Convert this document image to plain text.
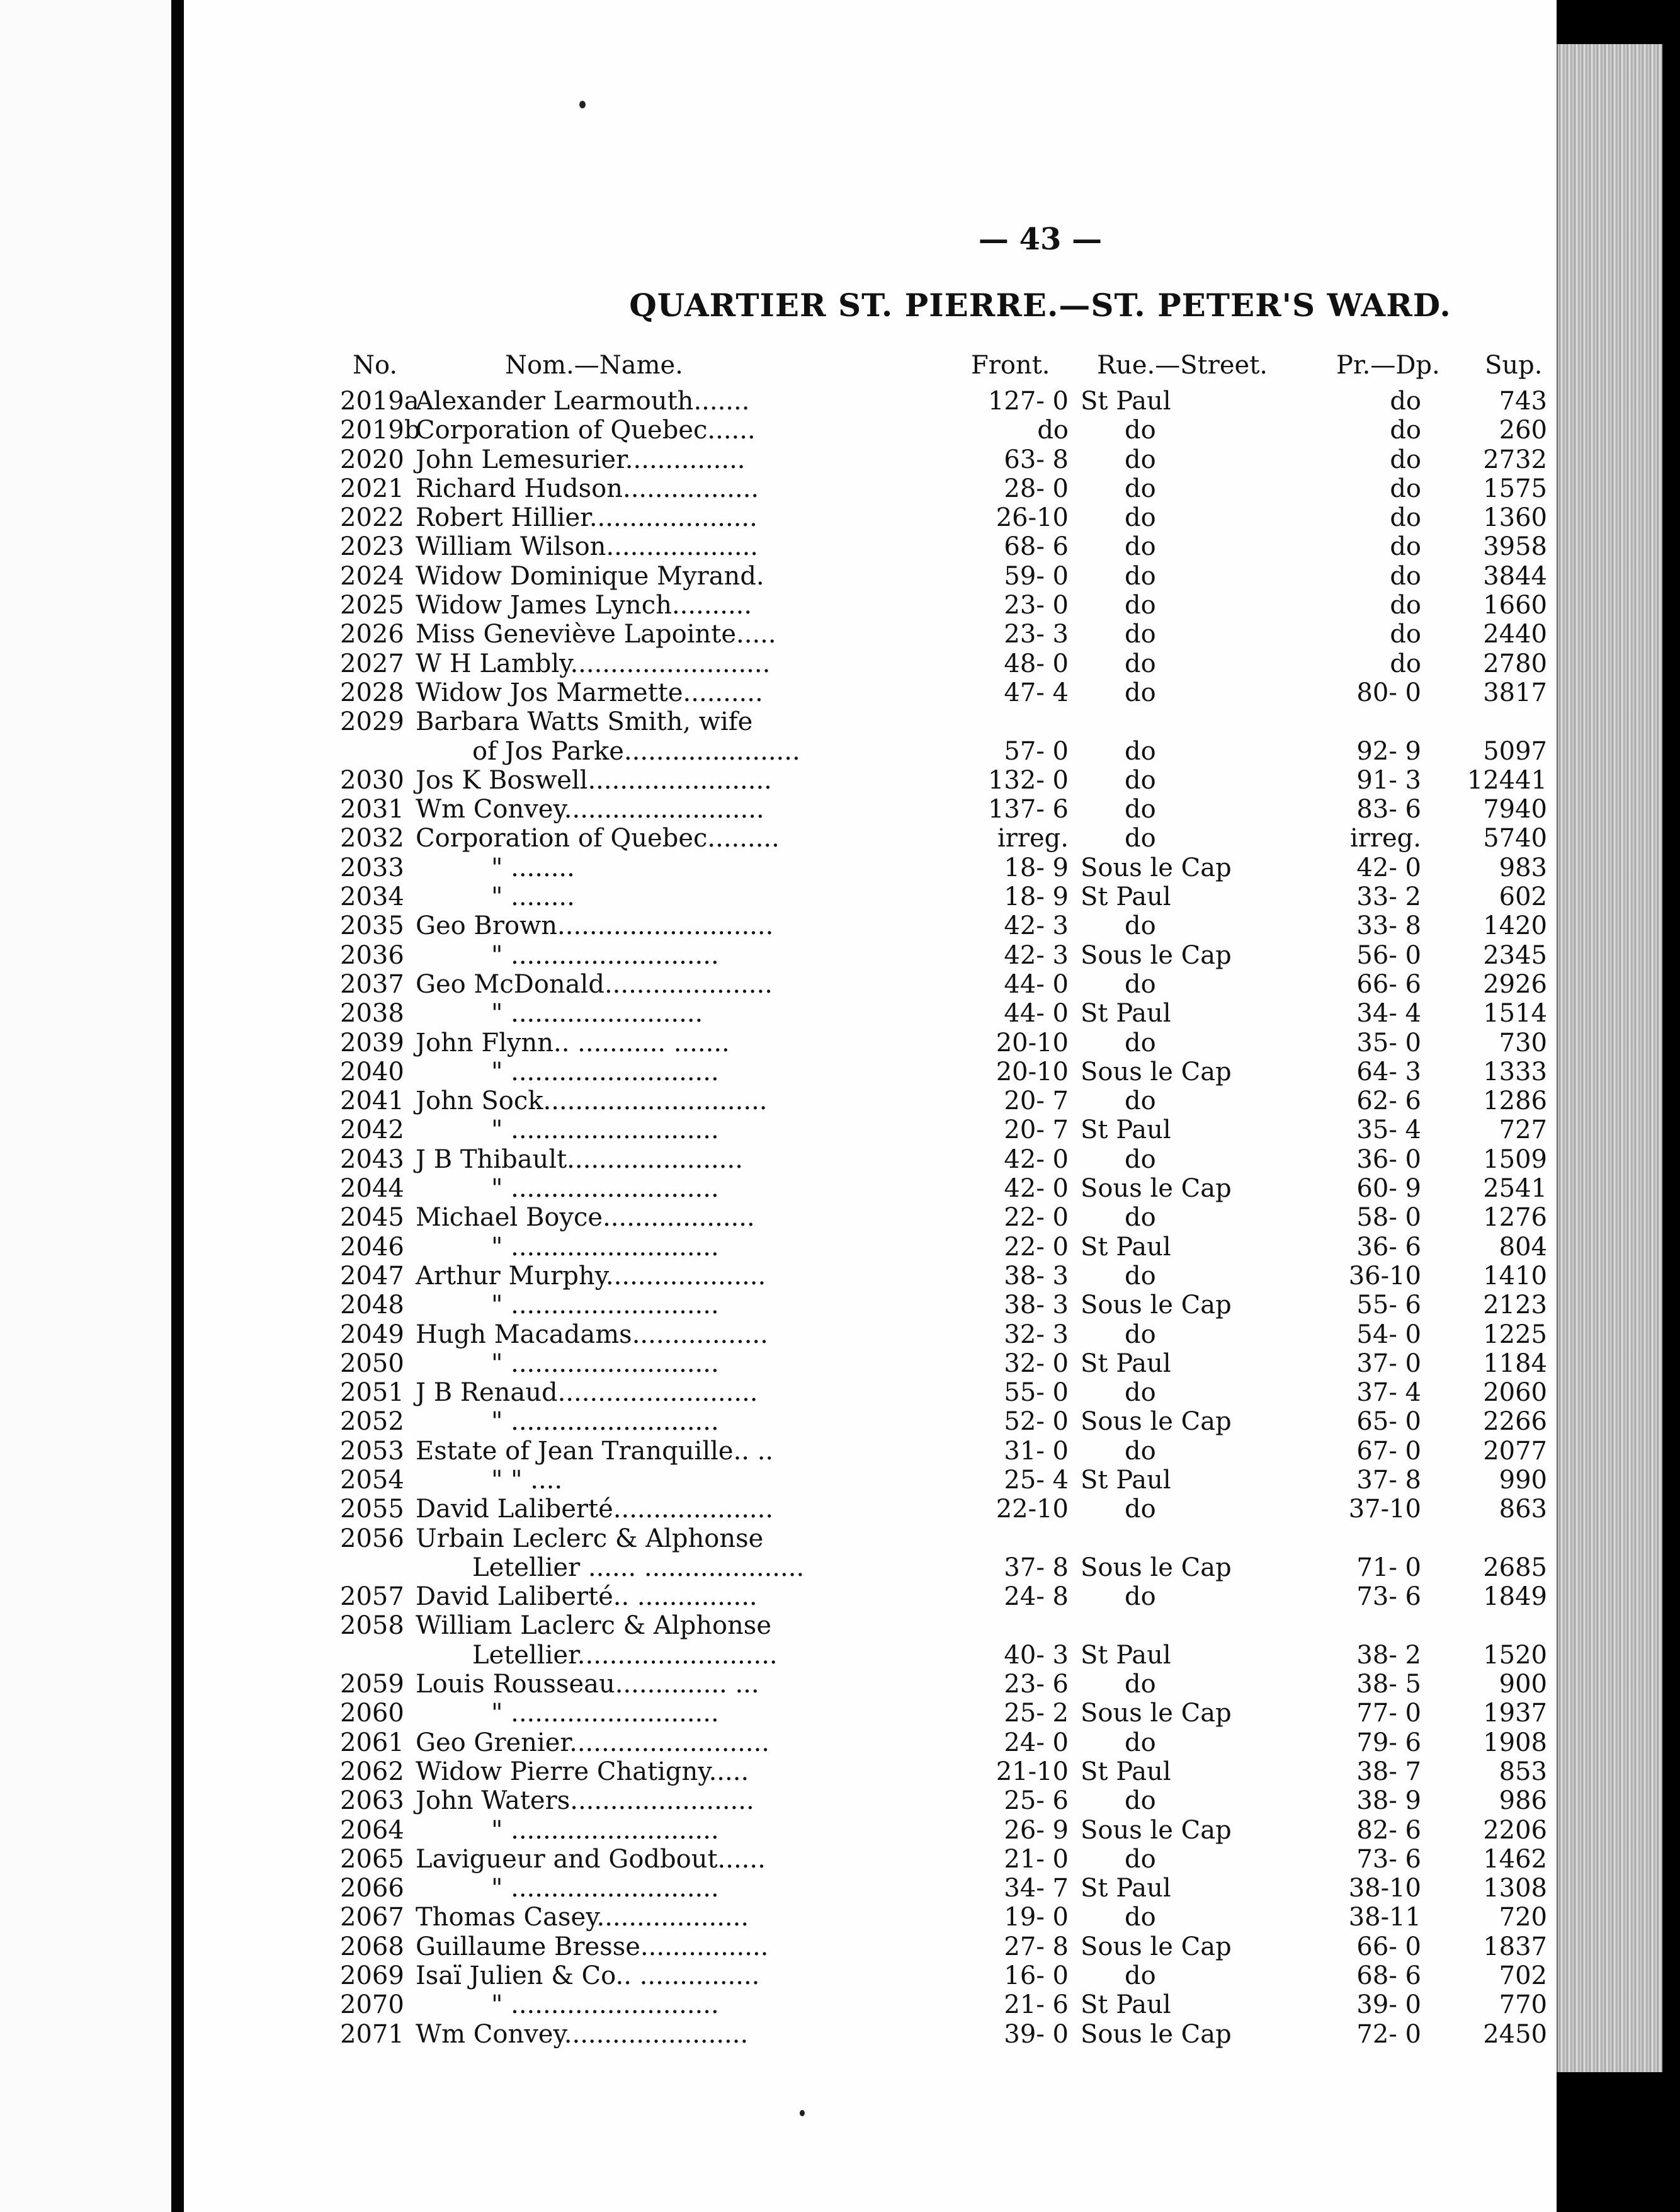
— 43 —
QUARTIER ST. PIERRE.—ST. PETER'S WARD.
No.	Nom.—Name.	Front. Rue.—Street.	Pr.—Dp. Sup.
2019a
Alexander Learmouth.......	127- 0 St Paul	do	743
2019b
Corporation of Quebec......	do	do	do	260
2020 John Lemesurier...............	63- 8	do	do	2732
2021 Richard Hudson.................	28- 0	do	do	1575
2022 Robert Hillier.....................	26-10	do	do	1360
2023 William Wilson...................	68- 6	do	do	3958
2024 Widow Dominique Myrand.	59- 0	do	do	3844
2025 Widow James Lynch..........	23- 0	do	do	1660
2026 Miss Geneviève Lapointe.....	23- 3	do	do	2440
2027 W H Lambly.........................	48- 0	do	do	2780
2028 Widow Jos Marmette..........	47- 4	do	80- 0	3817
2029 Barbara Watts Smith, wife
of Jos Parke......................	57- 0	do	92- 9	5097
2030 Jos K Boswell.......................	132- 0	do	91- 3	12441
2031 Wm Convey.........................	137- 6	do	83- 6	7940
2032 Corporation of Quebec.........	irreg.	do	irreg.	5740
2033	" ........	18- 9 Sous le Cap	42- 0	983
2034	" ........	18- 9 St Paul	33- 2	602
2035 Geo Brown...........................	42- 3	do	33- 8	1420
2036	" ..........................	42- 3 Sous le Cap	56- 0	2345
2037 Geo McDonald.....................	44- 0	do	66- 6	2926
2038	" ........................	44- 0 St Paul	34- 4	1514
2039 John Flynn.. ........... .......	20-10	do	35- 0	730
2040	" ..........................	20-10 Sous le Cap	64- 3	1333
2041 John Sock............................	20- 7	do	62- 6	1286
2042	" ..........................	20- 7 St Paul	35- 4	727
2043 J B Thibault......................	42- 0	do	36- 0	1509
2044	" ..........................	42- 0 Sous le Cap	60- 9	2541
2045 Michael Boyce...................	22- 0	do	58- 0	1276
2046	" ..........................	22- 0 St Paul	36- 6	804
2047 Arthur Murphy....................	38- 3	do	36-10	1410
2048	" ..........................	38- 3 Sous le Cap	55- 6	2123
2049 Hugh Macadams.................	32- 3	do	54- 0	1225
2050	" ..........................	32- 0 St Paul	37- 0	1184
2051 J B Renaud.........................	55- 0	do	37- 4	2060
2052	" ..........................	52- 0 Sous le Cap	65- 0	2266
2053 Estate of Jean Tranquille.. ..	31- 0	do	67- 0	2077
2054	" " ....	25- 4 St Paul	37- 8	990
2055 David Laliberté....................	22-10	do	37-10	863
2056 Urbain Leclerc & Alphonse
Letellier ...... ....................	37- 8 Sous le Cap	71- 0	2685
2057 David Laliberté.. ...............	24- 8	do	73- 6	1849
2058 William Laclerc & Alphonse
Letellier.........................	40- 3 St Paul	38- 2	1520
2059 Louis Rousseau.............. ...	23- 6	do	38- 5	900
2060	" ..........................	25- 2 Sous le Cap	77- 0	1937
2061 Geo Grenier.........................	24- 0	do	79- 6	1908
2062 Widow Pierre Chatigny.....	21-10 St Paul	38- 7	853
2063 John Waters.......................	25- 6	do	38- 9	986
2064	" ..........................	26- 9 Sous le Cap	82- 6	2206
2065 Lavigueur and Godbout......	21- 0	do	73- 6	1462
2066	" ..........................	34- 7 St Paul	38-10	1308
2067 Thomas Casey...................	19- 0	do	38-11	720
2068 Guillaume Bresse................	27- 8 Sous le Cap	66- 0	1837
2069 Isaï Julien & Co.. ...............	16- 0	do	68- 6	702
2070	" ..........................	21- 6 St Paul	39- 0	770
2071 Wm Convey.......................	39- 0 Sous le Cap	72- 0	2450
